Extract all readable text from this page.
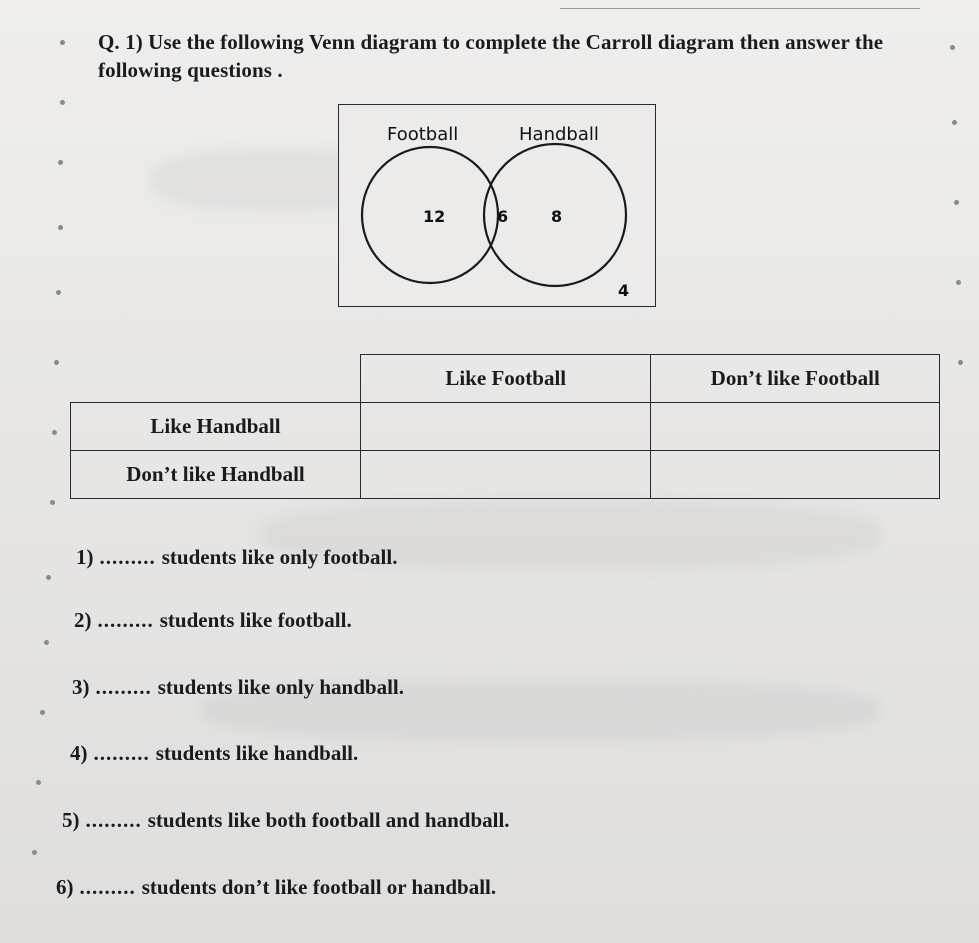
Q. 1) Use the following Venn diagram to complete the Carroll diagram then answer the following questions .
Football	Handball
12	6	8
4
	Like Football	Don’t like Football
Like Handball		
Don’t like Handball		
1) ......... students like only football.
2) ......... students like football.
3) ......... students like only handball.
4) ......... students like handball.
5) ......... students like both football and handball.
6) ......... students don’t like football or handball.
